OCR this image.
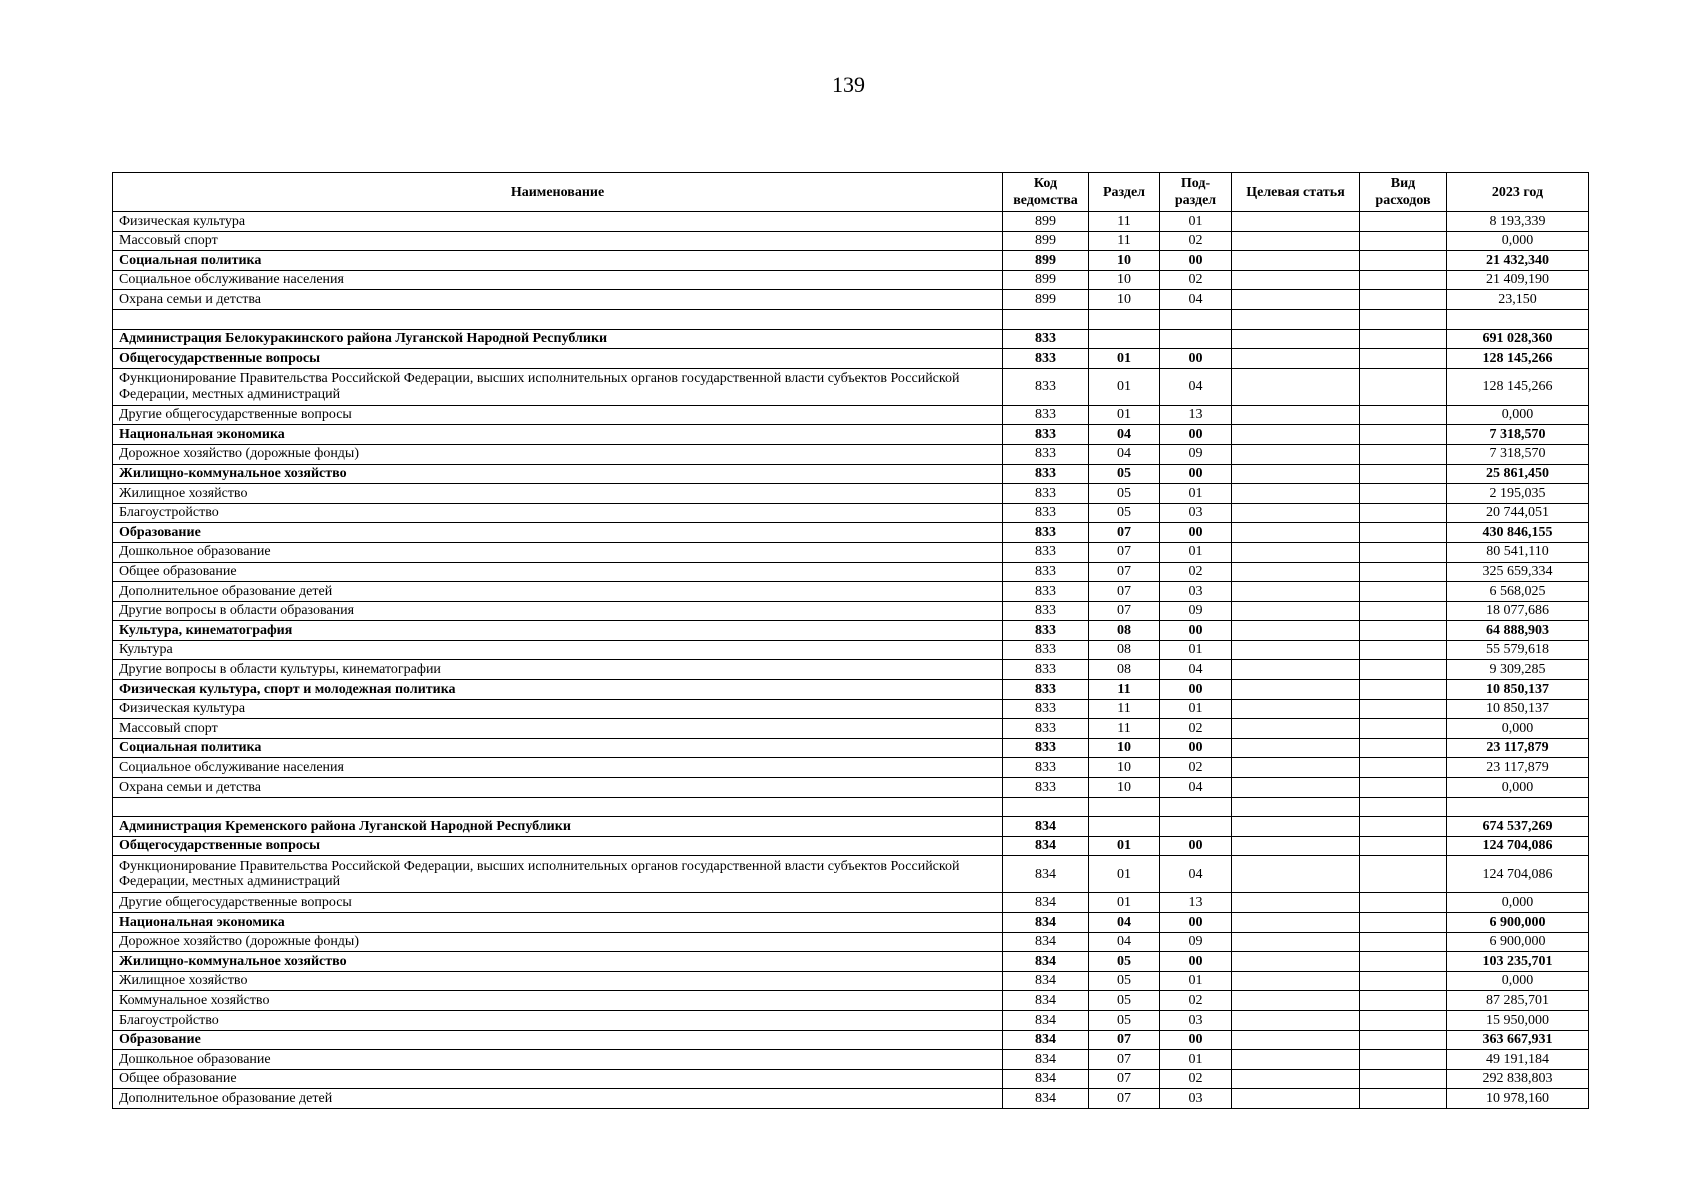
139
Наименование	Код ведомства	Раздел	Под-раздел	Целевая статья	Вид расходов	2023 год
Физическая культура	899	11	01			8 193,339
Массовый спорт	899	11	02			0,000
Социальная политика	899	10	00			21 432,340
Социальное обслуживание населения	899	10	02			21 409,190
Охрана семьи и детства	899	10	04			23,150

Администрация Белокуракинского района Луганской Народной Республики	833					691 028,360
Общегосударственные вопросы	833	01	00			128 145,266
Функционирование Правительства Российской Федерации, высших исполнительных органов государственной власти субъектов Российской Федерации, местных администраций	833	01	04			128 145,266
Другие общегосударственные вопросы	833	01	13			0,000
Национальная экономика	833	04	00			7 318,570
Дорожное хозяйство (дорожные фонды)	833	04	09			7 318,570
Жилищно-коммунальное хозяйство	833	05	00			25 861,450
Жилищное хозяйство	833	05	01			2 195,035
Благоустройство	833	05	03			20 744,051
Образование	833	07	00			430 846,155
Дошкольное образование	833	07	01			80 541,110
Общее образование	833	07	02			325 659,334
Дополнительное образование детей	833	07	03			6 568,025
Другие вопросы в области образования	833	07	09			18 077,686
Культура, кинематография	833	08	00			64 888,903
Культура	833	08	01			55 579,618
Другие вопросы в области культуры, кинематографии	833	08	04			9 309,285
Физическая культура, спорт и молодежная политика	833	11	00			10 850,137
Физическая культура	833	11	01			10 850,137
Массовый спорт	833	11	02			0,000
Социальная политика	833	10	00			23 117,879
Социальное обслуживание населения	833	10	02			23 117,879
Охрана семьи и детства	833	10	04			0,000

Администрация Кременского района Луганской Народной Республики	834					674 537,269
Общегосударственные вопросы	834	01	00			124 704,086
Функционирование Правительства Российской Федерации, высших исполнительных органов государственной власти субъектов Российской Федерации, местных администраций	834	01	04			124 704,086
Другие общегосударственные вопросы	834	01	13			0,000
Национальная экономика	834	04	00			6 900,000
Дорожное хозяйство (дорожные фонды)	834	04	09			6 900,000
Жилищно-коммунальное хозяйство	834	05	00			103 235,701
Жилищное хозяйство	834	05	01			0,000
Коммунальное хозяйство	834	05	02			87 285,701
Благоустройство	834	05	03			15 950,000
Образование	834	07	00			363 667,931
Дошкольное образование	834	07	01			49 191,184
Общее образование	834	07	02			292 838,803
Дополнительное образование детей	834	07	03			10 978,160
